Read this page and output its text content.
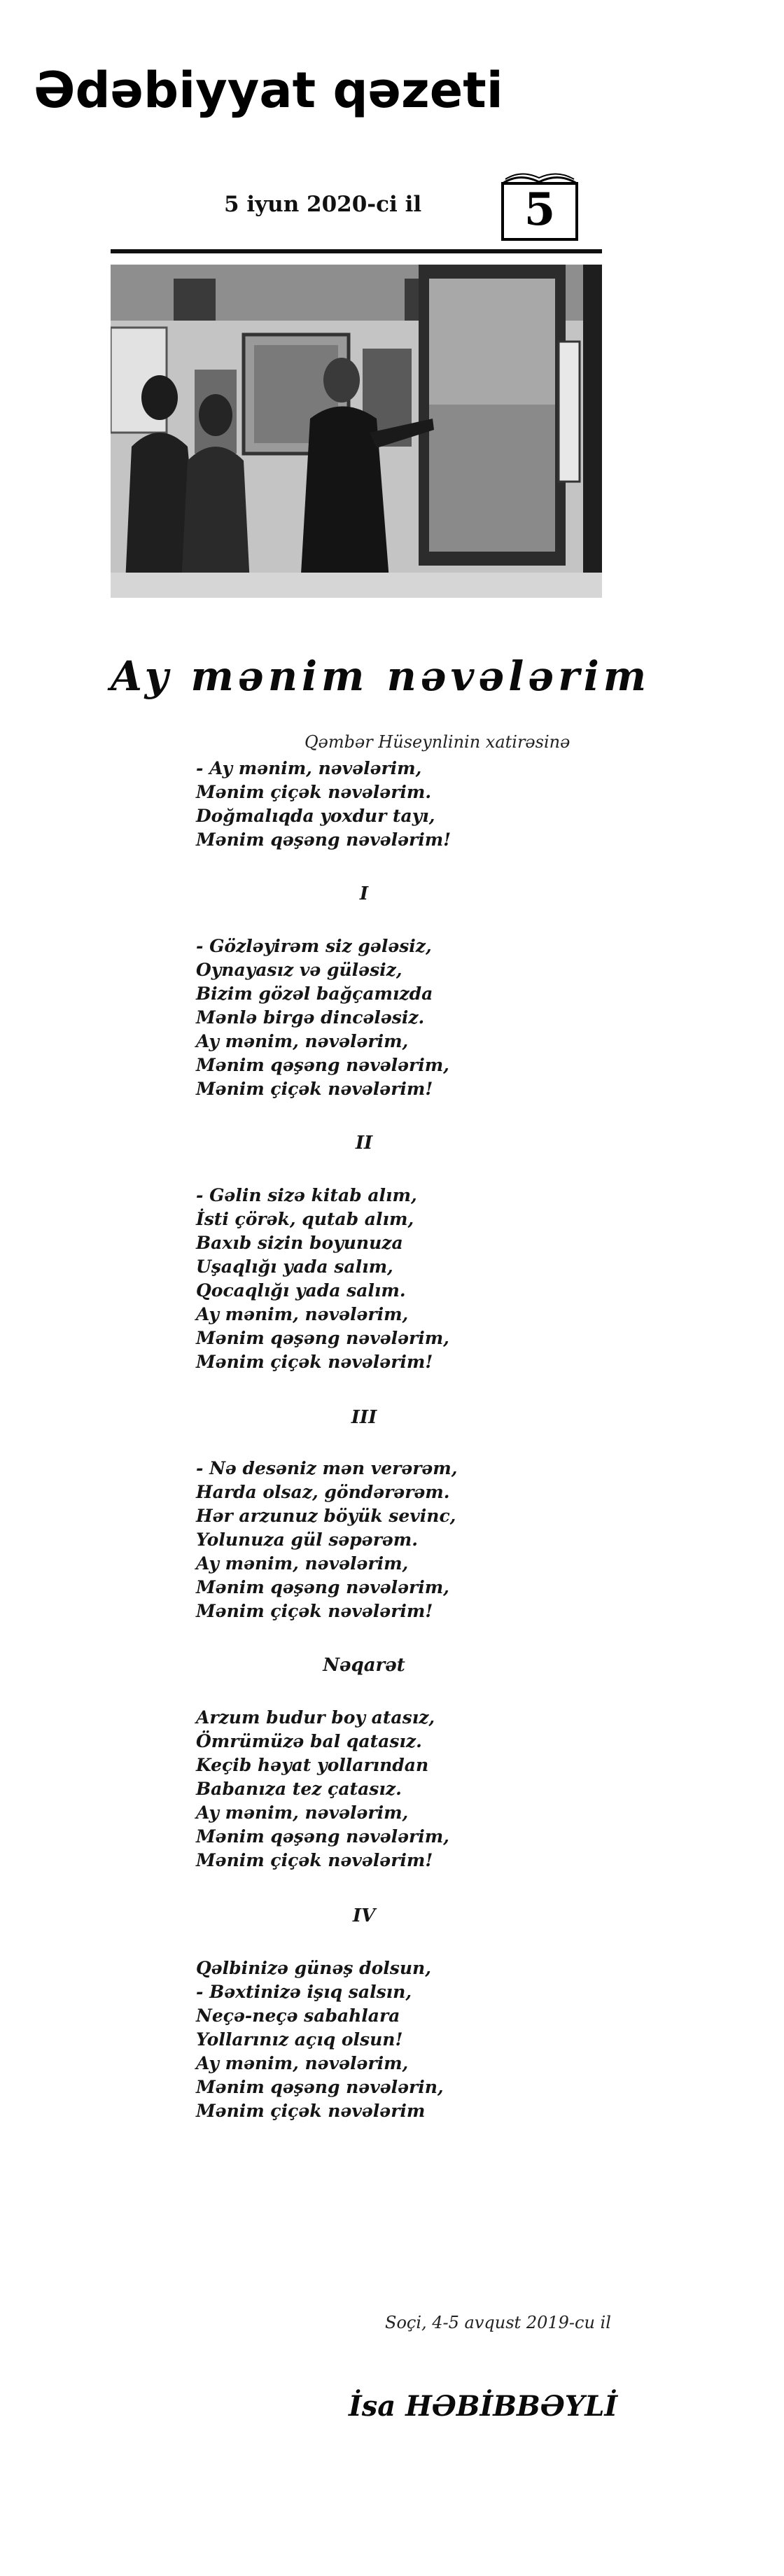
Ədəbiyyat qəzeti
5 iyun 2020-ci il	5
Ay mənim nəvələrim
Qəmbər Hüseynlinin xatirəsinə
- Ay mənim, nəvələrim,
Mənim çiçək nəvələrim.
Doğmalıqda yoxdur tayı,
Mənim qəşəng nəvələrim!
I
- Gözləyirəm siz gələsiz,
Oynayasız və güləsiz,
Bizim gözəl bağçamızda
Mənlə birgə dincələsiz.
Ay mənim, nəvələrim,
Mənim qəşəng nəvələrim,
Mənim çiçək nəvələrim!
II
- Gəlin sizə kitab alım,
İsti çörək, qutab alım,
Baxıb sizin boyunuza
Uşaqlığı yada salım,
Qocaqlığı yada salım.
Ay mənim, nəvələrim,
Mənim qəşəng nəvələrim,
Mənim çiçək nəvələrim!
III
- Nə desəniz mən verərəm,
Harda olsaz, göndərərəm.
Hər arzunuz böyük sevinc,
Yolunuza gül səpərəm.
Ay mənim, nəvələrim,
Mənim qəşəng nəvələrim,
Mənim çiçək nəvələrim!
Nəqarət
Arzum budur boy atasız,
Ömrümüzə bal qatasız.
Keçib həyat yollarından
Babanıza tez çatasız.
Ay mənim, nəvələrim,
Mənim qəşəng nəvələrim,
Mənim çiçək nəvələrim!
IV
Qəlbinizə günəş dolsun,
- Bəxtinizə işıq salsın,
Neçə-neçə sabahlara
Yollarınız açıq olsun!
Ay mənim, nəvələrim,
Mənim qəşəng nəvələrin,
Mənim çiçək nəvələrim
Soçi, 4-5 avqust 2019-cu il
İsa HƏBİBBƏYLİ
